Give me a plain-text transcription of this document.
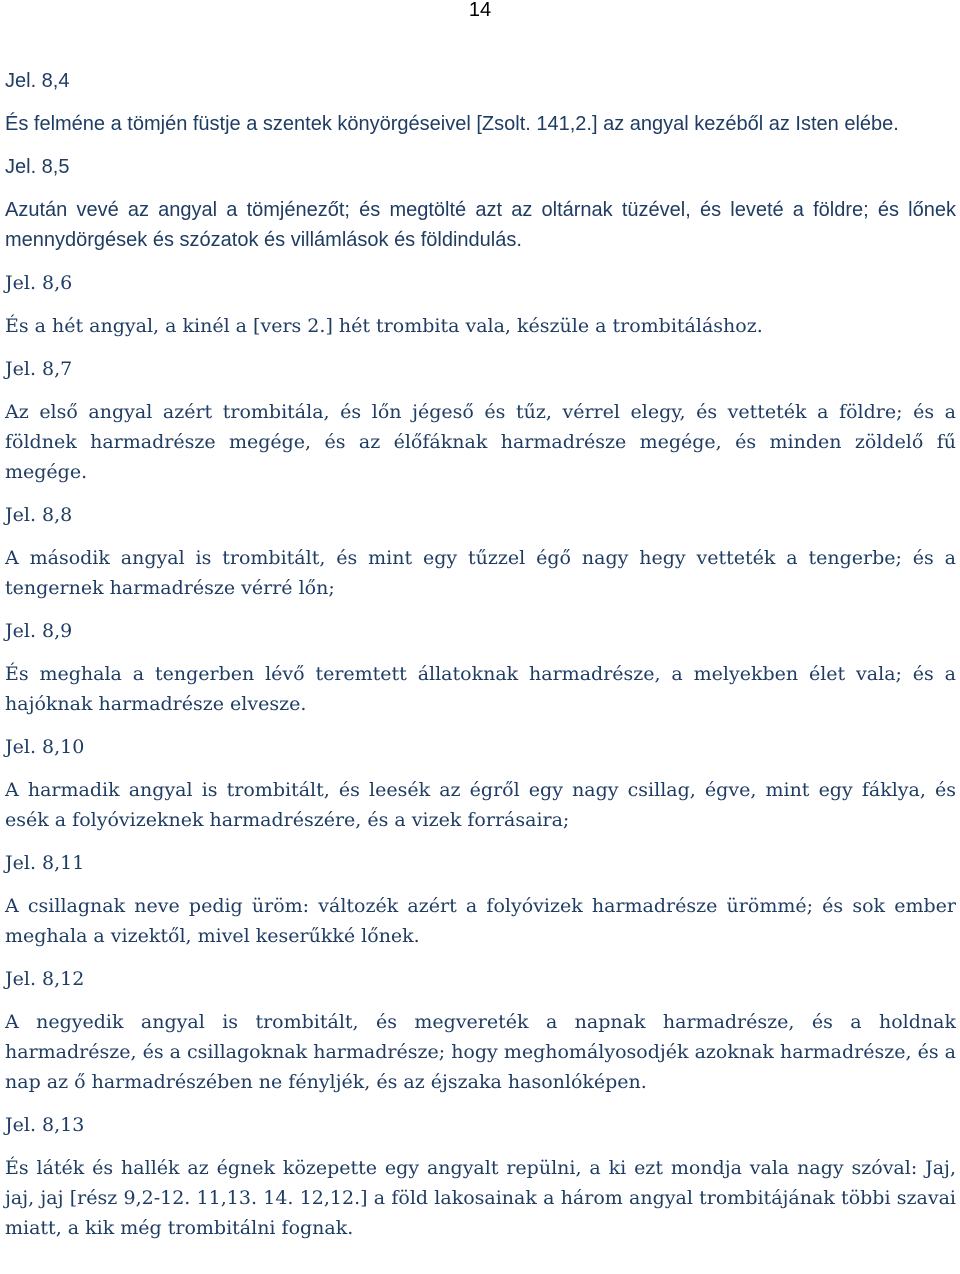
14
Jel. 8,4
És felméne a tömjén füstje a szentek könyörgéseivel [Zsolt. 141,2.] az angyal kezéből az Isten elébe.
Jel. 8,5
Azután vevé az angyal a tömjénezőt; és megtölté azt az oltárnak tüzével, és leveté a földre; és lőnek mennydörgések és szózatok és villámlások és földindulás.
Jel. 8,6
És a hét angyal, a kinél a [vers 2.] hét trombita vala, készüle a trombitáláshoz.
Jel. 8,7
Az első angyal azért trombitála, és lőn jégeső és tűz, vérrel elegy, és vetteték a földre; és a földnek harmadrésze megége, és az élőfáknak harmadrésze megége, és minden zöldelő fű megége.
Jel. 8,8
A második angyal is trombitált, és mint egy tűzzel égő nagy hegy vetteték a tengerbe; és a tengernek harmadrésze vérré lőn;
Jel. 8,9
És meghala a tengerben lévő teremtett állatoknak harmadrésze, a melyekben élet vala; és a hajóknak harmadrésze elvesze.
Jel. 8,10
A harmadik angyal is trombitált, és leesék az égről egy nagy csillag, égve, mint egy fáklya, és esék a folyóvizeknek harmadrészére, és a vizek forrásaira;
Jel. 8,11
A csillagnak neve pedig üröm: változék azért a folyóvizek harmadrésze ürömmé; és sok ember meghala a vizektől, mivel keserűkké lőnek.
Jel. 8,12
A negyedik angyal is trombitált, és megvereték a napnak harmadrésze, és a holdnak harmadrésze, és a csillagoknak harmadrésze; hogy meghomályosodjék azoknak harmadrésze, és a nap az ő harmadrészében ne fényljék, és az éjszaka hasonlóképen.
Jel. 8,13
És láték és hallék az égnek közepette egy angyalt repülni, a ki ezt mondja vala nagy szóval: Jaj, jaj, jaj [rész 9,2-12. 11,13. 14. 12,12.] a föld lakosainak a három angyal trombitájának többi szavai miatt, a kik még trombitálni fognak.
